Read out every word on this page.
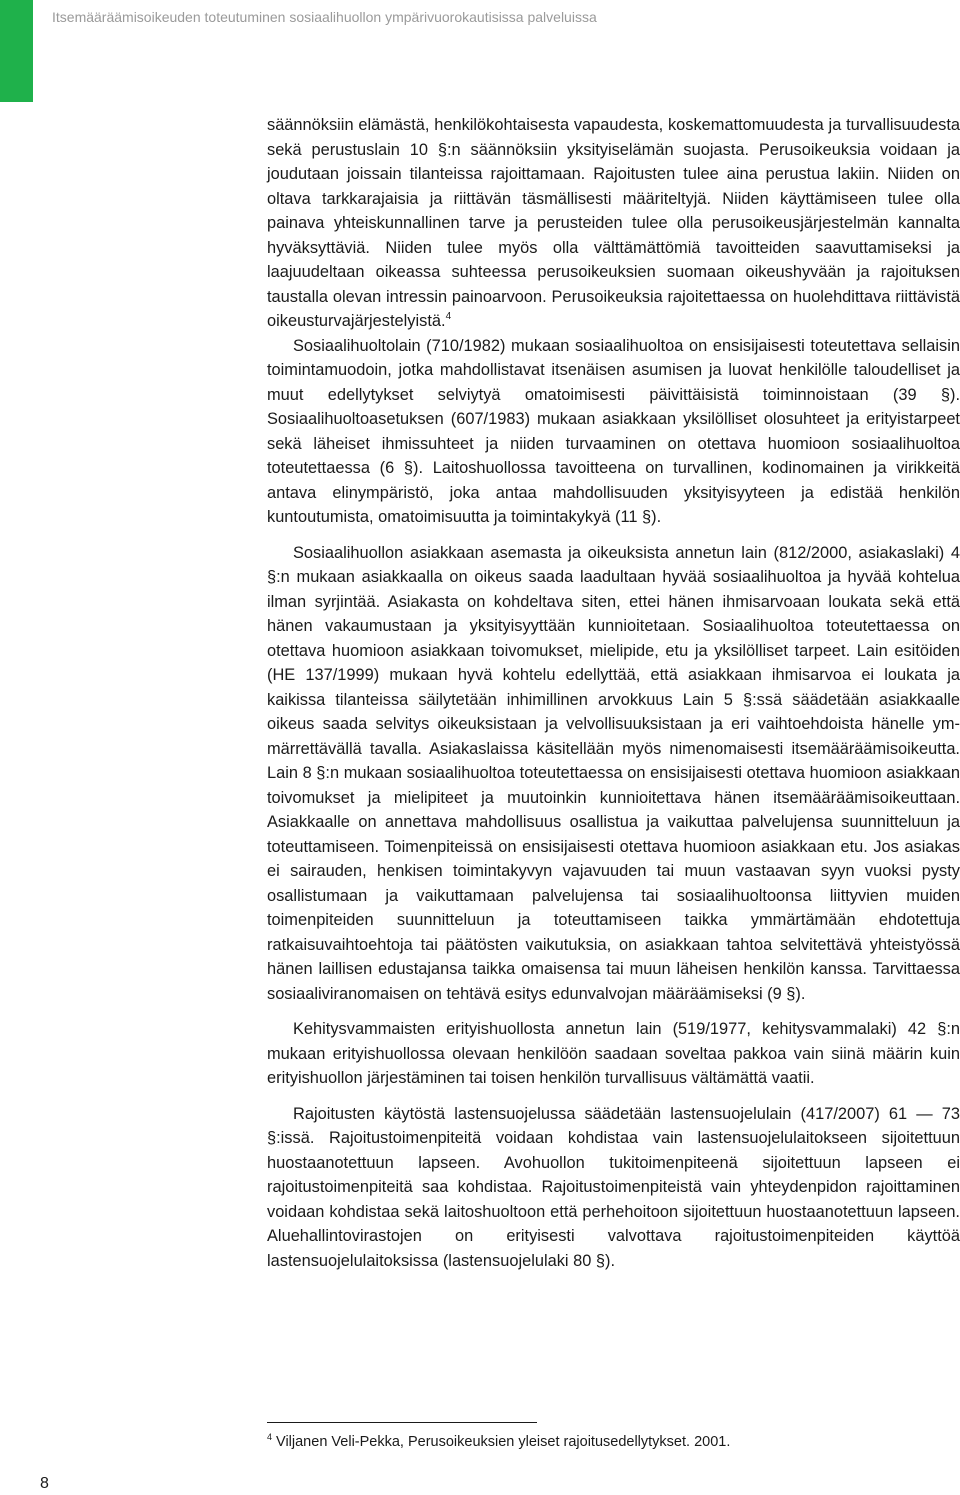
Itsemääräämisoikeuden toteutuminen sosiaalihuollon ympärivuorokautisissa palveluissa

säännöksiin elämästä, henkilökohtaisesta vapaudesta, koskemattomuudesta ja turvallisuudesta sekä perustuslain 10 §:n säännöksiin yksityiselämän suojasta. Perusoikeuksia voidaan ja joudutaan joissain tilanteissa rajoittamaan. Rajoitusten tulee aina perustua lakiin. Niiden on oltava tarkkarajaisia ja riittävän täsmällisesti määriteltyjä. Niiden käyttämiseen tulee olla painava yhteiskunnallinen tarve ja perusteiden tulee olla perusoikeusjärjestelmän kannalta hyväksyttäviä. Niiden tulee myös olla välttämättömiä tavoitteiden saavuttamiseksi ja laajuudeltaan oikeassa suhteessa perusoikeuksien suomaan oikeushyvään ja rajoituksen taustalla olevan intressin painoarvoon. Perusoikeuksia rajoitettaessa on huolehdittava riittävistä oikeusturvajärjestelyistä.$^4$

Sosiaalihuoltolain (710/1982) mukaan sosiaalihuoltoa on ensisijaisesti toteutettava sellaisin toimintamuodoin, jotka mahdollistavat itsenäisen asumisen ja luovat henkilölle taloudelliset ja muut edellytykset selviytyä omatoimisesti päivittäisistä toiminnoistaan (39 §). Sosiaalihuoltoasetuksen (607/1983) mukaan asiakkaan yksilölliset olosuhteet ja erityistarpeet sekä läheiset ihmissuhteet ja niiden turvaaminen on otettava huomioon sosiaalihuoltoa toteutettaessa (6 §). Laitoshuollossa tavoitteena on turvallinen, kodinomainen ja virikkeitä antava elinympäristö, joka antaa mahdollisuuden yksityisyyteen ja edistää henkilön kuntoutumista, omatoimisuutta ja toimintakykyä (11 §).

Sosiaalihuollon asiakkaan asemasta ja oikeuksista annetun lain (812/2000, asiakaslaki) 4 §:n mukaan asiakkaalla on oikeus saada laadultaan hyvää sosiaalihuoltoa ja hyvää kohtelua ilman syrjintää. Asiakasta on kohdeltava siten, ettei hänen ihmisarvoaan loukata sekä että hänen vakaumustaan ja yksityisyyttään kunnioitetaan. Sosiaalihuoltoa toteutettaessa on otettava huomioon asiakkaan toivomukset, mielipide, etu ja yksilölliset tarpeet. Lain esitöiden (HE 137/1999) mukaan hyvä kohtelu edellyttää, että asiakkaan ihmisarvoa ei loukata ja kaikissa tilanteissa säilytetään inhimillinen arvokkuus Lain 5 §:ssä säädetään asiakkaalle oikeus saada selvitys oikeuksistaan ja velvollisuuksistaan ja eri vaihtoehdoista hänelle ymmärrettävällä tavalla. Asiakaslaissa käsitellään myös nimenomaisesti itsemääräämisoikeutta. Lain 8 §:n mukaan sosiaalihuoltoa toteutettaessa on ensisijaisesti otettava huomioon asiakkaan toivomukset ja mielipiteet ja muutoinkin kunnioitettava hänen itsemääräämisoikeuttaan. Asiakkaalle on annettava mahdollisuus osallistua ja vaikuttaa palvelujensa suunnitteluun ja toteuttamiseen. Toimenpiteissä on ensisijaisesti otettava huomioon asiakkaan etu. Jos asiakas ei sairauden, henkisen toimintakyvyn vajavuuden tai muun vastaavan syyn vuoksi pysty osallistumaan ja vaikuttamaan palvelujensa tai sosiaalihuoltoonsa liittyvien muiden toimenpiteiden suunnitteluun ja toteuttamiseen taikka ymmärtämään ehdotettuja ratkaisuvaihtoehtoja tai päätösten vaikutuksia, on asiakkaan tahtoa selvitettävä yhteistyössä hänen laillisen edustajansa taikka omaisensa tai muun läheisen henkilön kanssa. Tarvittaessa sosiaaliviranomaisen on tehtävä esitys edunvalvojan määräämiseksi (9 §).

Kehitysvammaisten erityishuollosta annetun lain (519/1977, kehitysvammalaki) 42 §:n mukaan erityishuollossa olevaan henkilöön saadaan soveltaa pakkoa vain siinä määrin kuin erityishuollon järjestäminen tai toisen henkilön turvallisuus vältämättä vaatii.

Rajoitusten käytöstä lastensuojelussa säädetään lastensuojelulain (417/2007) 61 — 73 §:issä. Rajoitustoimenpiteitä voidaan kohdistaa vain lastensuojelulaitokseen sijoitettuun huostaanotettuun lapseen. Avohuollon tukitoimenpiteenä sijoitettuun lapseen ei rajoitustoimenpiteitä saa kohdistaa. Rajoitustoimenpiteistä vain yhteydenpidon rajoittaminen voidaan kohdistaa sekä laitoshuoltoon että perhehoitoon sijoitettuun huostaanotettuun lapseen. Aluehallintovirastojen on erityisesti valvottava rajoitustoimenpiteiden käyttöä lastensuojelulaitoksissa (lastensuojelulaki 80 §).

$^4$ Viljanen Veli-Pekka, Perusoikeuksien yleiset rajoitusedellytykset. 2001.
8
